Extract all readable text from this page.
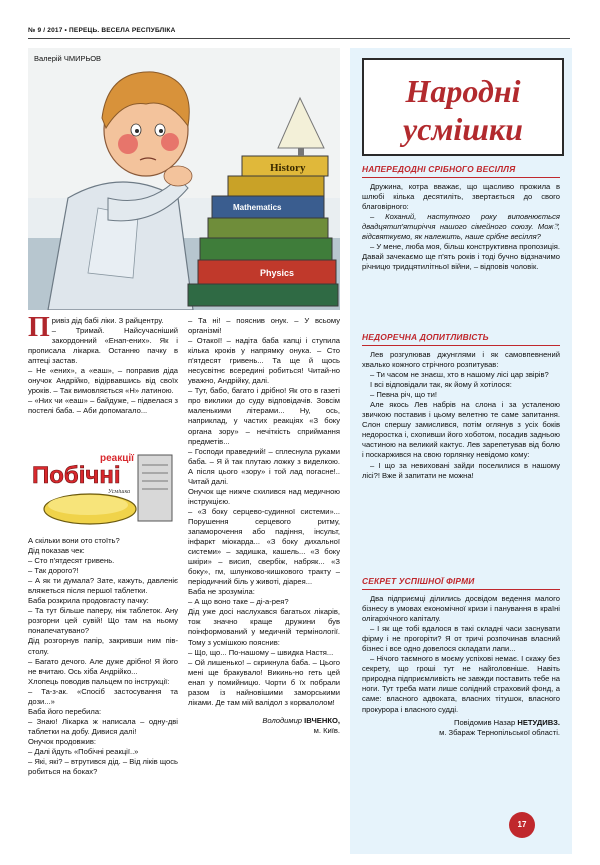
№ 9 / 2017 • ПЕРЕЦЬ. ВЕСЕЛА РЕСПУБЛІКА
History
Mathematics
Physics
Валерій ЧМИРЬОВ

Привіз дід бабі ліки. З райцентру.

– Тримай. Найсучасніший закордонний «Енап-ених». Як і прописала лікарка. Останню пачку в аптеці застав.

– Не «ених», а «еаш», – поправив діда онучок Андрійко, відірвавшись від своїх уроків. – Так вимовляється «Н» латиною.

– «Них чи «еаш» – байдуже, – підвелася з постелі баба. – Аби допомагало...

Побічні
реакції
Усмішка

А скільки вони ото стоїть?

Дід показав чек:

– Сто п'ятдесят гривень.

– Так дорого?!

– А як ти думала? Зате, кажуть, давленіє вляжеться після першої таблетки.

Баба розкрила продовгасту пачку:

– Та тут більше паперу, ніж таблеток. Ану розгорни цей сувій! Що там на ньому понапечатувано?

Дід розгорнув папір, закривши ним пів-столу.

– Багато дечого. Але дуже дрібно! Я його не вчитаю. Ось хіба Андрійко...

Хлопець поводив пальцем по інструкції:

– Та-з-ак. «Спосіб застосування та дози...»

Баба його перебила:

– Знаю! Лікарка ж написала – одну-дві таблетки на добу. Дивися далі!

Онучок продовжив:

– Далі йдуть «Побічні реакції..»

– Які, які? – втрутився дід. – Від ліків щось робиться на боках?

– Та ні! – пояснив онук. – У всьому організмі!

– Отакої! – надіта баба капці і ступила кілька кроків у напрямку онука. – Сто п'ятдесят гривень... Та ще й щось несусвітнє всередині робиться! Читай-но уважно, Андрійку, далі.

– Тут, бабо, багато і дрібно! Як ото в газеті про виклики до суду відповідачів. Зовсім маленькими літерами... Ну, ось, наприклад, у частих реакціях «З боку органа зору» – нечіткість сприймання предметів...

– Господи праведний! – сплеснула руками баба. – Я й так плутаю ложку з виделкою. А після цього «зору» і той лад погасне!.. Читай далі.

Онучок ще нижче схилився над медичною інструкцією.

– «З боку серцево-судинної системи»... Порушення серцевого ритму, запаморочення або падіння, інсульт, інфаркт міокарда... «З боку дихальної системи» – задишка, кашель... «З боку шкіри» – висип, свербіж, набряк... «З боку», гм, шлунково-кишкового тракту – періодичний біль у животі, діарея...

Баба не зрозуміла:

– А що воно таке – ді-а-рея?

Дід уже досі наслухався багатьох лікарів, тож значно краще дружини був поінформований у медичній термінології. Тому з усмішкою пояснив:

– Що, що... По-нашому – швидка Настя...

– Ой лишенько! – скрикнула баба. – Цього мені ще бракувало! Викинь-но геть цей енап у помийницю. Чорти б їх побрали разом із найновішими заморськими ліками. Де там мій валідол з корвалолом!

Володимир ІВЧЕНКО,
м. Київ.
Народні
усмішки
НАПЕРЕДОДНІ СРІБНОГО ВЕСІЛЛЯ

Дружина, котра вважає, що щасливо прожила в шлюбі кілька десятиліть, звертається до свого благовірного:

– Коханий, наступного року виповнюється двадцятип'ятиріччя нашого сімейного союзу. Можె, відсвяткуємо, як належить, наше срібне весілля?

– У мене, люба моя, більш конструктивна пропозиція. Давай зачекаємо ще п'ять років і тоді бучно відзначимо річницю тридцятилітньої війни, – відповів чоловік.

НЕДОРЕЧНА ДОПИТЛИВІСТЬ

Лев розгулював джунглями і як самовпевнений хвалько кожного стрічного розпитував:

– Ти часом не знаєш, хто в нашому лісі цар звірів?

І всі відповідали так, як йому й хотілося:

– Певна річ, що ти!

Але якось Лев набрів на слона і за усталеною звичкою поставив і цьому велетню те саме запитання. Слон спершу замислився, потім оглянув з усіх боків недоростка і, схопивши його хоботом, посадив задньою частиною на великий кактус. Лев зарепетував від болю і поскаржився на свою горлянку невідомо кому:

– І що за невиховані зайди поселилися в нашому лісі?! Вже й запитати не можна!

СЕКРЕТ УСПІШНОЇ ФІРМИ

Два підприємці ділились досвідом ведення малого бізнесу в умовах економічної кризи і панування в країні олігархічного капіталу.

– І як ще тобі вдалося в такі складні часи заснувати фірму і не прогоріти? Я от тричі розпочинав власний бізнес і все одно довелося складати лапи...

– Нічого таємного в моєму успіхові немає. І скажу без секрету, що гроші тут не найголовніше. Навіть природна підприємливість не завжди поставить тебе на ноги. Тут треба мати лише солідний страховий фонд, а саме: власного адвоката, власних тітушок, власного прокурора і власного судді.

Повідомив Назар НЕТУДИВЗ.
м. Збараж Тернопільської області.
17
